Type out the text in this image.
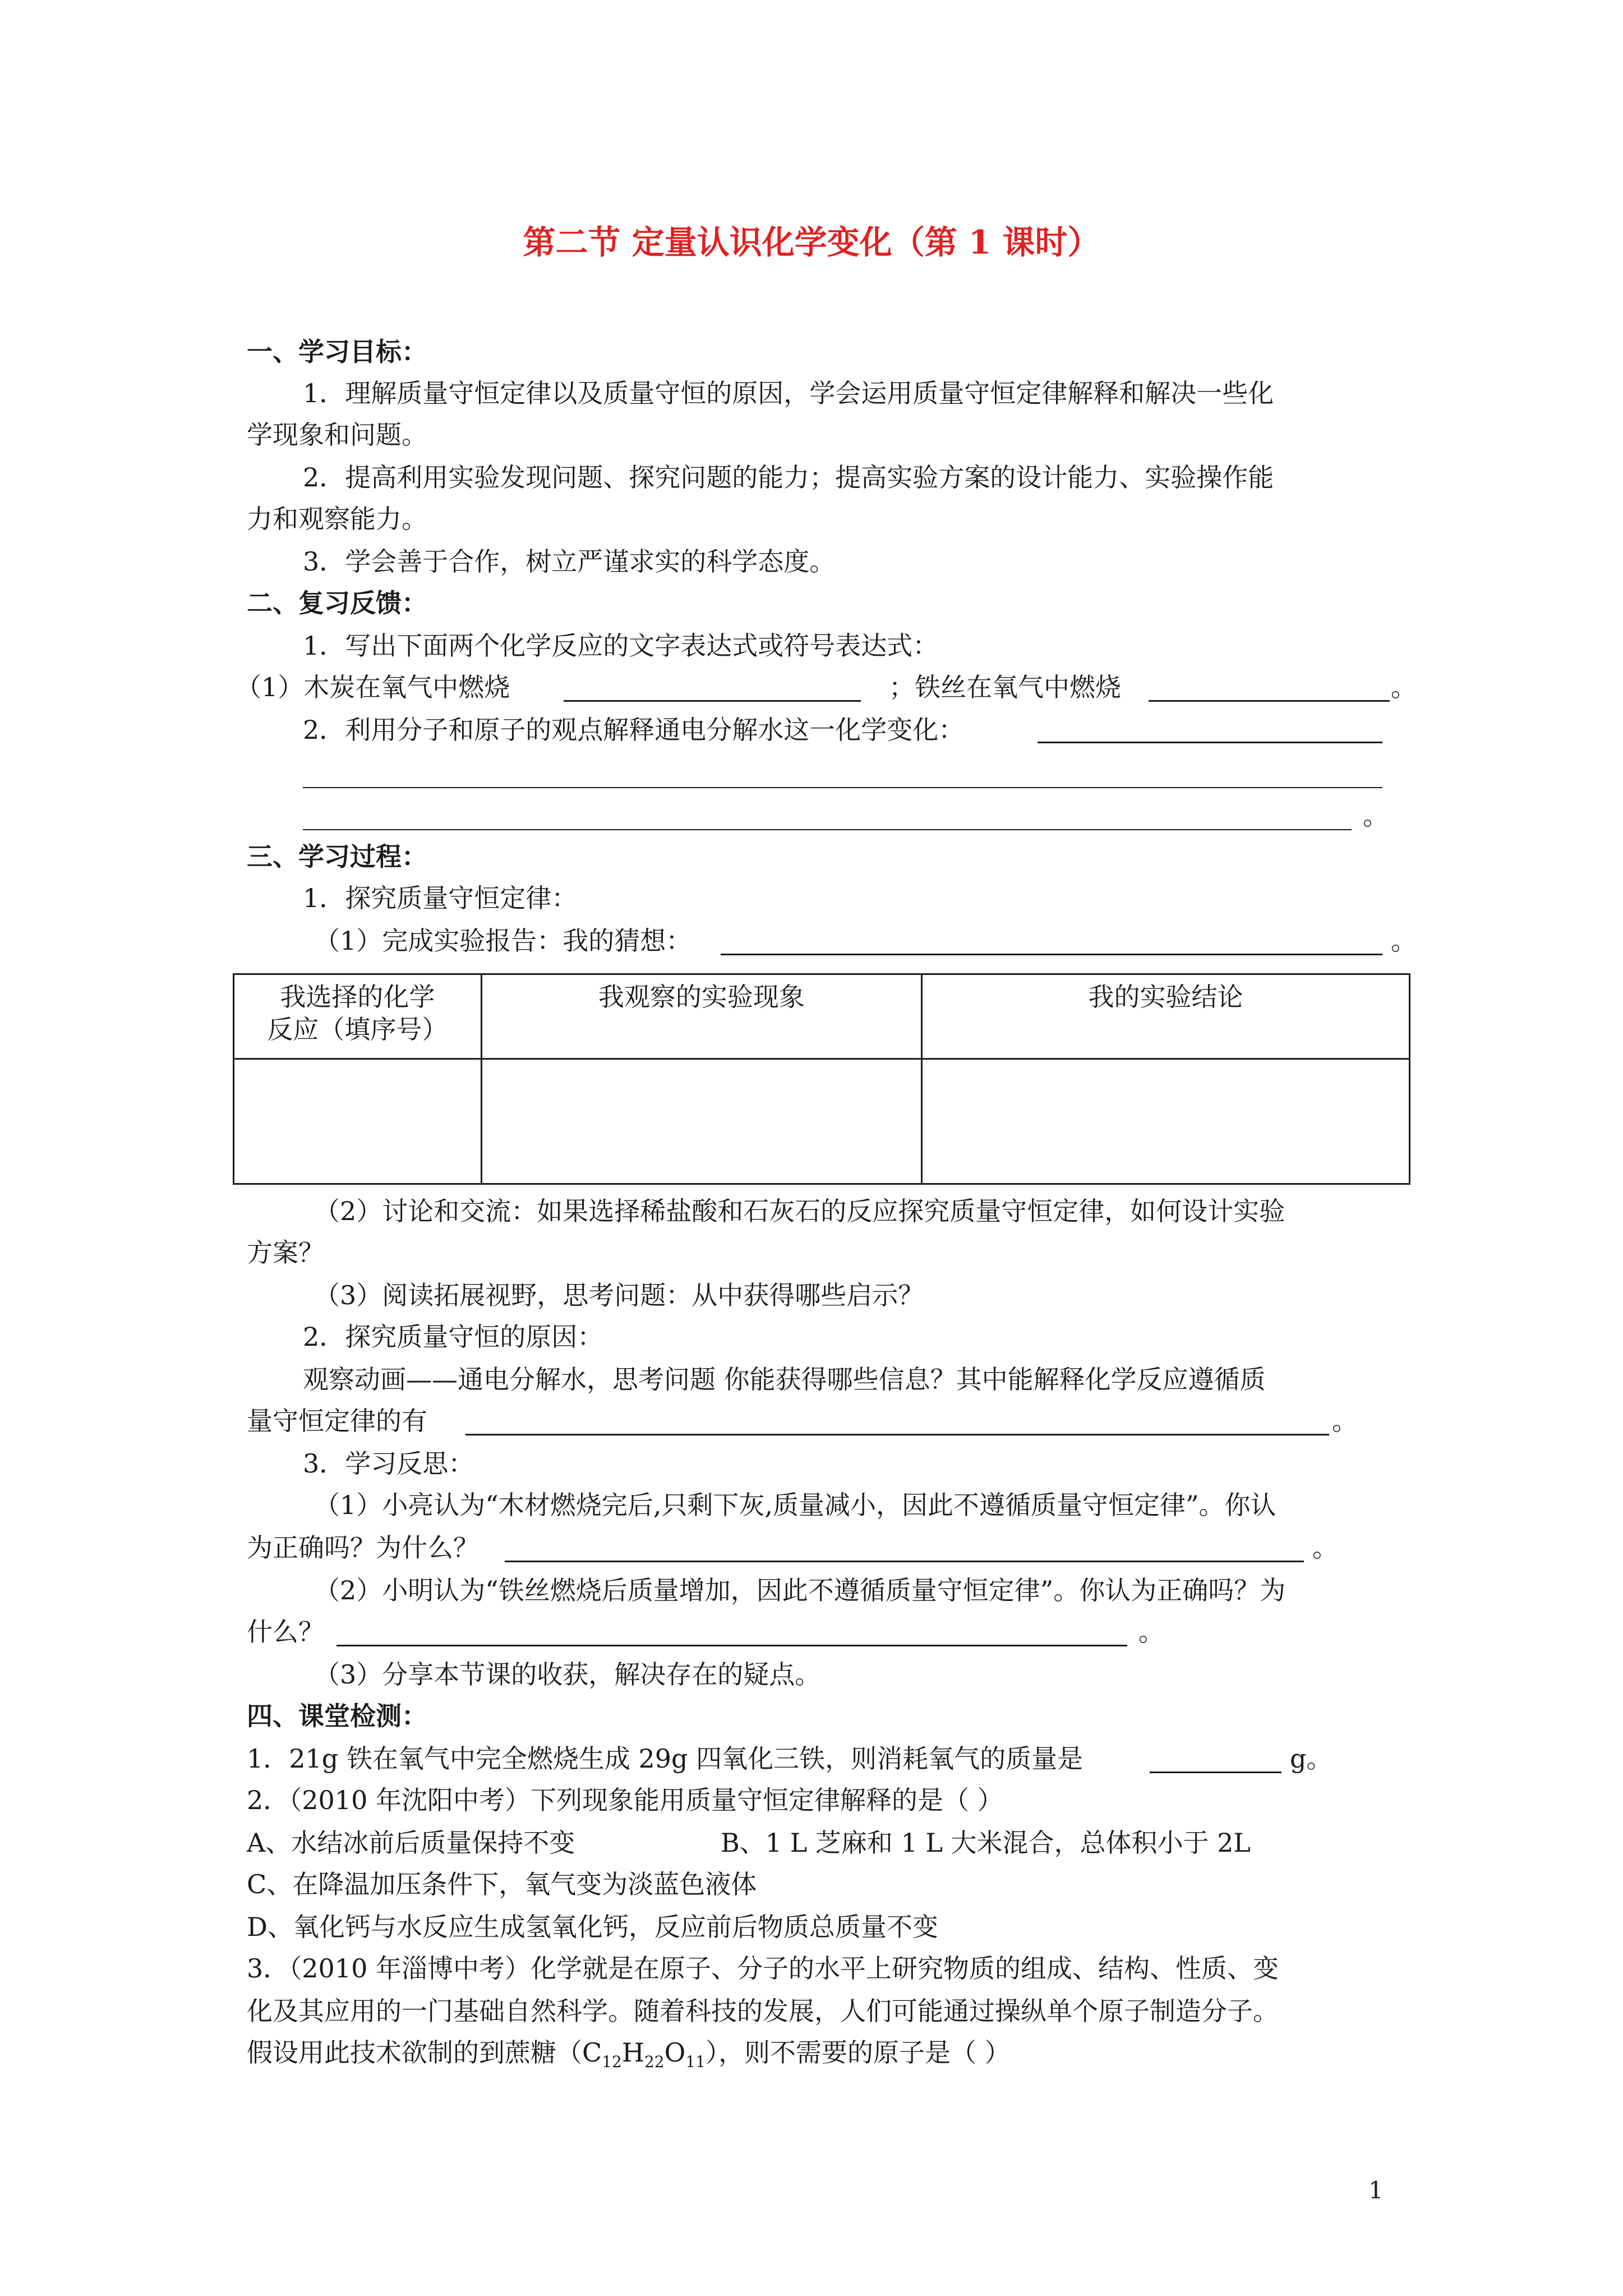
第二节 定量认识化学变化（第 1 课时）
一、学习目标：
1．理解质量守恒定律以及质量守恒的原因，学会运用质量守恒定律解释和解决一些化
学现象和问题。
2．提高利用实验发现问题、探究问题的能力；提高实验方案的设计能力、实验操作能
力和观察能力。
3．学会善于合作，树立严谨求实的科学态度。
二、复习反馈：
1．写出下面两个化学反应的文字表达式或符号表达式：
（1）木炭在氧气中燃烧	；铁丝在氧气中燃烧	。
2．利用分子和原子的观点解释通电分解水这一化学变化：
。
三、学习过程：
1．探究质量守恒定律：
（1）完成实验报告：我的猜想：	。
我选择的化学
反应（填序号）	我观察的实验现象	我的实验结论

（2）讨论和交流：如果选择稀盐酸和石灰石的反应探究质量守恒定律，如何设计实验
方案？
（3）阅读拓展视野，思考问题：从中获得哪些启示？
2．探究质量守恒的原因：
观察动画——通电分解水，思考问题 你能获得哪些信息？其中能解释化学反应遵循质
量守恒定律的有	。
3．学习反思：
（1）小亮认为“木材燃烧完后,只剩下灰,质量减小，因此不遵循质量守恒定律”。你认
为正确吗？为什么？	。
（2）小明认为“铁丝燃烧后质量增加，因此不遵循质量守恒定律”。你认为正确吗？为
什么？	。
（3）分享本节课的收获，解决存在的疑点。
四、课堂检测：
1．21g 铁在氧气中完全燃烧生成 29g 四氧化三铁，则消耗氧气的质量是	g。
2．（2010 年沈阳中考）下列现象能用质量守恒定律解释的是（ ）
A、水结冰前后质量保持不变	B、1 L 芝麻和 1 L 大米混合，总体积小于 2L
C、在降温加压条件下，氧气变为淡蓝色液体
D、氧化钙与水反应生成氢氧化钙，反应前后物质总质量不变
3．（2010 年淄博中考）化学就是在原子、分子的水平上研究物质的组成、结构、性质、变
化及其应用的一门基础自然科学。随着科技的发展，人们可能通过操纵单个原子制造分子。
假设用此技术欲制的到蔗糖$(C_{12}H_{22}O_{11})$，则不需要的原子是（ ）
1
